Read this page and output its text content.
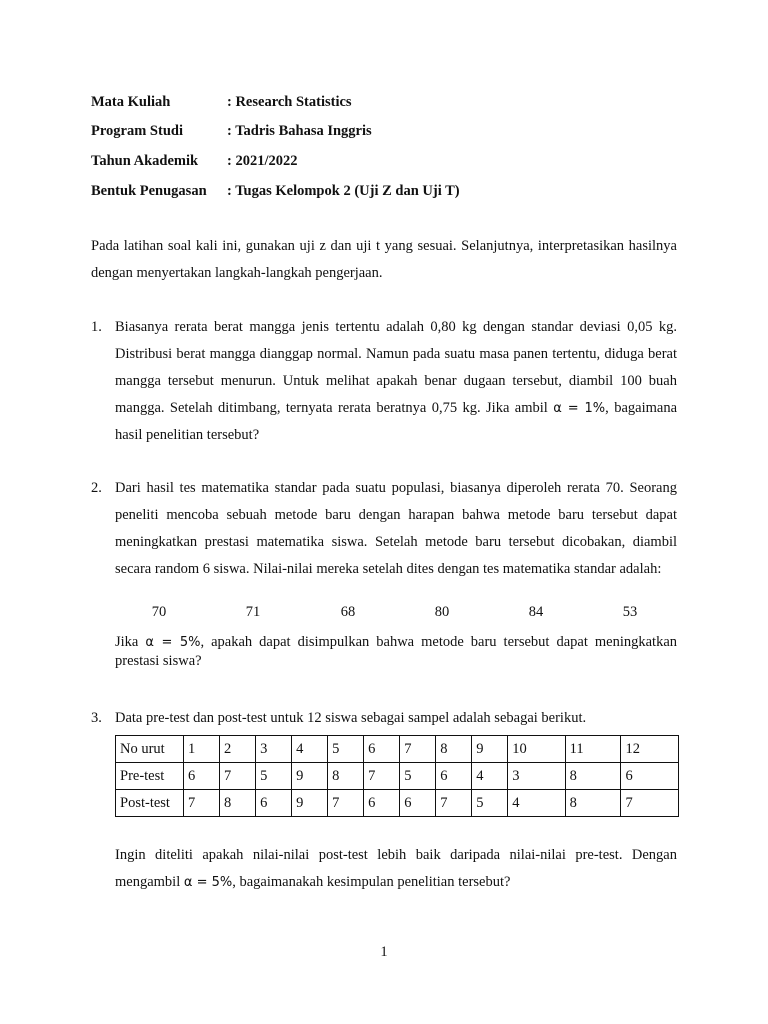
Mata Kuliah	: Research Statistics
Program Studi	: Tadris Bahasa Inggris
Tahun Akademik : 2021/2022
Bentuk Penugasan : Tugas Kelompok 2 (Uji Z dan Uji T)
Pada latihan soal kali ini, gunakan uji z dan uji t yang sesuai. Selanjutnya, interpretasikan hasilnya dengan menyertakan langkah-langkah pengerjaan.
1. Biasanya rerata berat mangga jenis tertentu adalah 0,80 kg dengan standar deviasi 0,05 kg. Distribusi berat mangga dianggap normal. Namun pada suatu masa panen tertentu, diduga berat mangga tersebut menurun. Untuk melihat apakah benar dugaan tersebut, diambil 100 buah mangga. Setelah ditimbang, ternyata rerata beratnya 0,75 kg. Jika ambil α = 1%, bagaimana hasil penelitian tersebut?
2. Dari hasil tes matematika standar pada suatu populasi, biasanya diperoleh rerata 70. Seorang peneliti mencoba sebuah metode baru dengan harapan bahwa metode baru tersebut dapat meningkatkan prestasi matematika siswa. Setelah metode baru tersebut dicobakan, diambil secara random 6 siswa. Nilai-nilai mereka setelah dites dengan tes matematika standar adalah:
70	71	68	80	84	53
Jika α = 5%, apakah dapat disimpulkan bahwa metode baru tersebut dapat meningkatkan prestasi siswa?
3. Data pre-test dan post-test untuk 12 siswa sebagai sampel adalah sebagai berikut.
No urut	1	2	3	4	5	6	7	8	9	10	11	12
Pre-test	6	7	5	9	8	7	5	6	4	3	8	6
Post-test	7	8	6	9	7	6	6	7	5	4	8	7
Ingin diteliti apakah nilai-nilai post-test lebih baik daripada nilai-nilai pre-test. Dengan mengambil α = 5%, bagaimanakah kesimpulan penelitian tersebut?
1
